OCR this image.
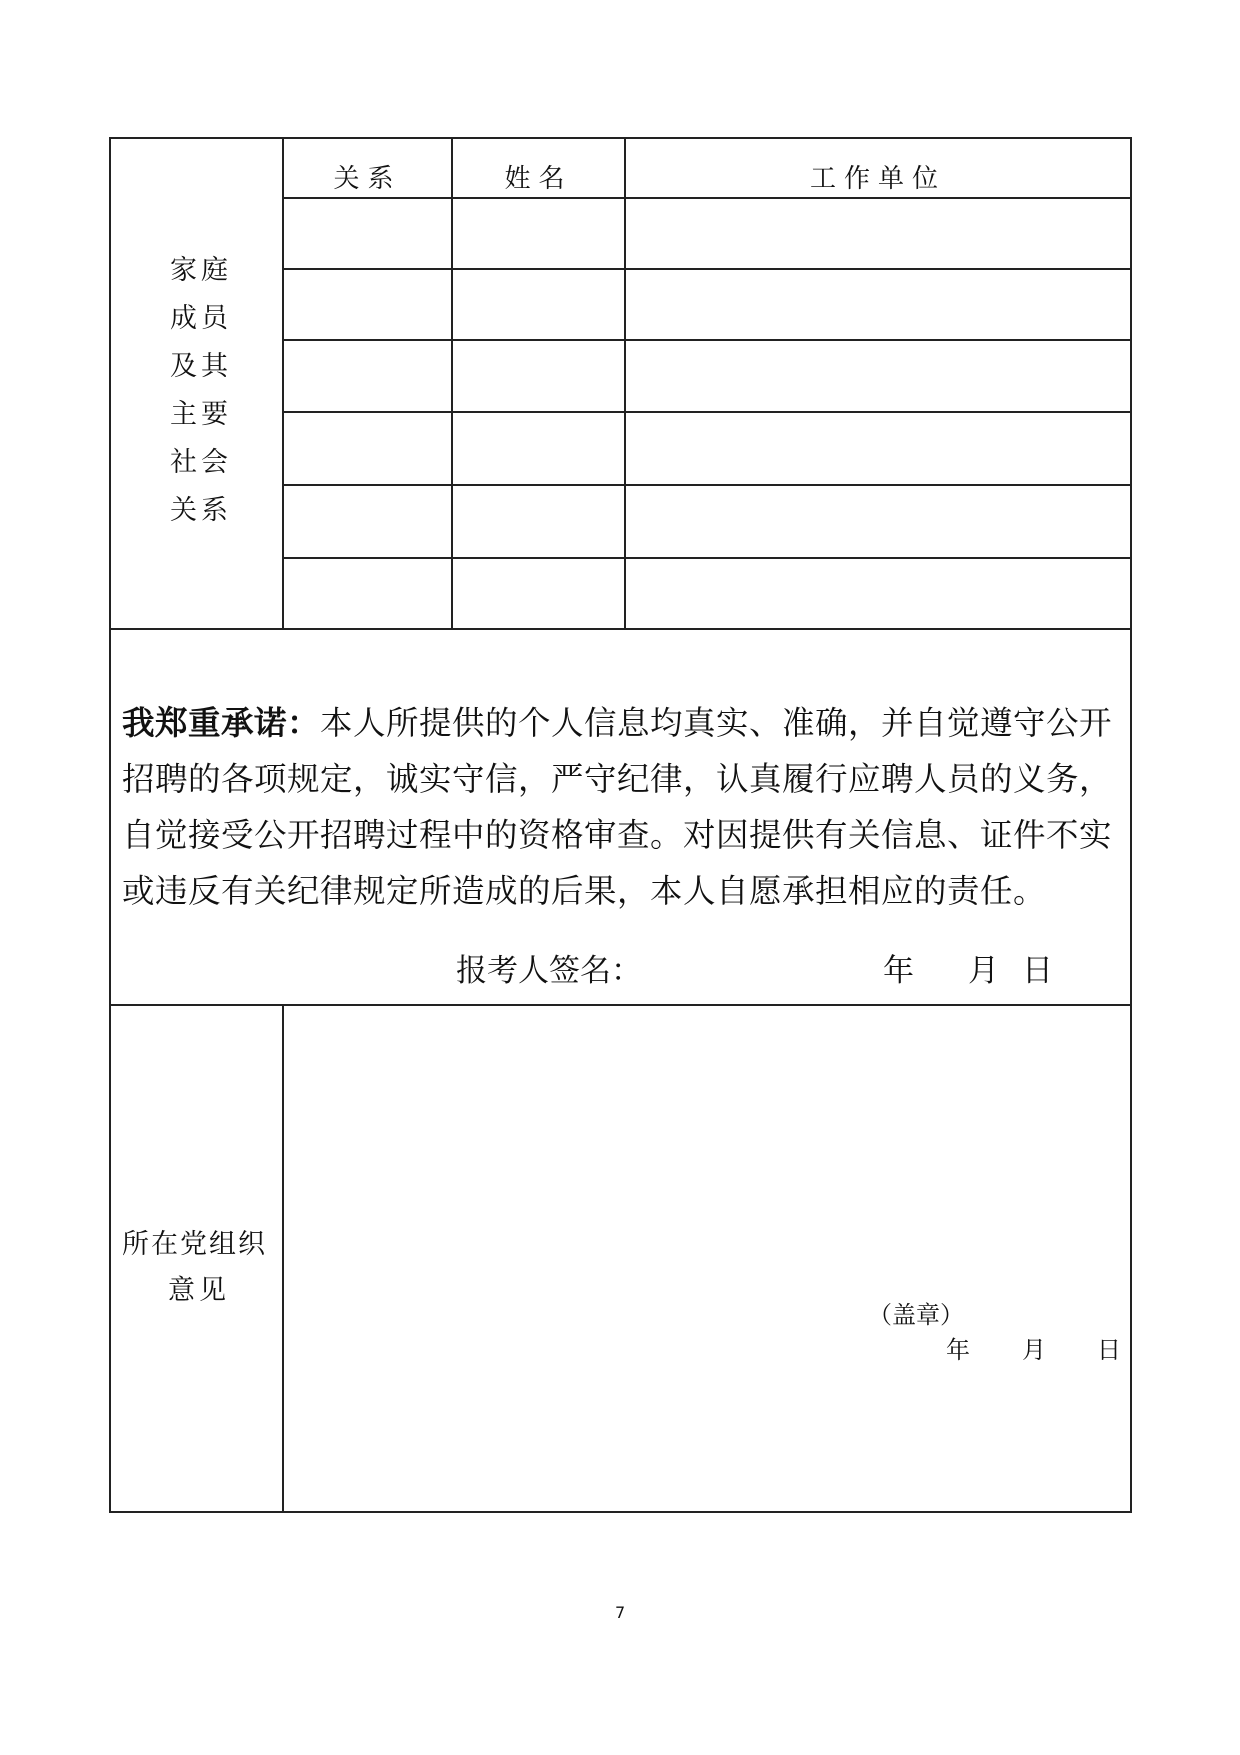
关系	姓名	工作单位
家庭
成员
及其
主要
社会
关系
我郑重承诺：本人所提供的个人信息均真实、准确，并自觉遵守公开
招聘的各项规定，诚实守信，严守纪律，认真履行应聘人员的义务，
自觉接受公开招聘过程中的资格审查。对因提供有关信息、证件不实
或违反有关纪律规定所造成的后果，本人自愿承担相应的责任。
报考人签名：	年 月 日
所在党组织
意见
（盖章）
年 月 日
7
